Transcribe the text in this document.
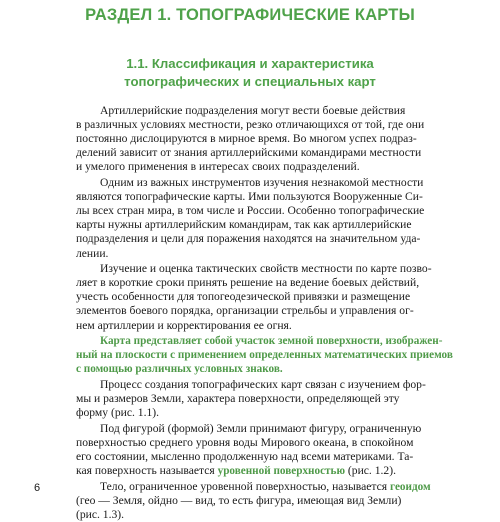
РАЗДЕЛ 1. ТОПОГРАФИЧЕСКИЕ КАРТЫ
1.1. Классификация и характеристика
топографических и специальных карт
Артиллерийские подразделения могут вести боевые действия
в различных условиях местности, резко отличающихся от той, где они
постоянно дислоцируются в мирное время. Во многом успех подраз-
делений зависит от знания артиллерийскими командирами местности
и умелого применения в интересах своих подразделений.
Одним из важных инструментов изучения незнакомой местности
являются топографические карты. Ими пользуются Вооруженные Си-
лы всех стран мира, в том числе и России. Особенно топографические
карты нужны артиллерийским командирам, так как артиллерийские
подразделения и цели для поражения находятся на значительном уда-
лении.
Изучение и оценка тактических свойств местности по карте позво-
ляет в короткие сроки принять решение на ведение боевых действий,
учесть особенности для топогеодезической привязки и размещение
элементов боевого порядка, организации стрельбы и управления ог-
нем артиллерии и корректирования ее огня.
Карта представляет собой участок земной поверхности, изображен-
ный на плоскости с применением определенных математических приемов
с помощью различных условных знаков.
Процесс создания топографических карт связан с изучением фор-
мы и размеров Земли, характера поверхности, определяющей эту
форму (рис. 1.1).
Под фигурой (формой) Земли принимают фигуру, ограниченную
поверхностью среднего уровня воды Мирового океана, в спокойном
его состоянии, мысленно продолженную над всеми материками. Та-
кая поверхность называется уровенной поверхностью (рис. 1.2).
Тело, ограниченное уровенной поверхностью, называется геоидом
(гео — Земля, ойдно — вид, то есть фигура, имеющая вид Земли)
(рис. 1.3).
6
